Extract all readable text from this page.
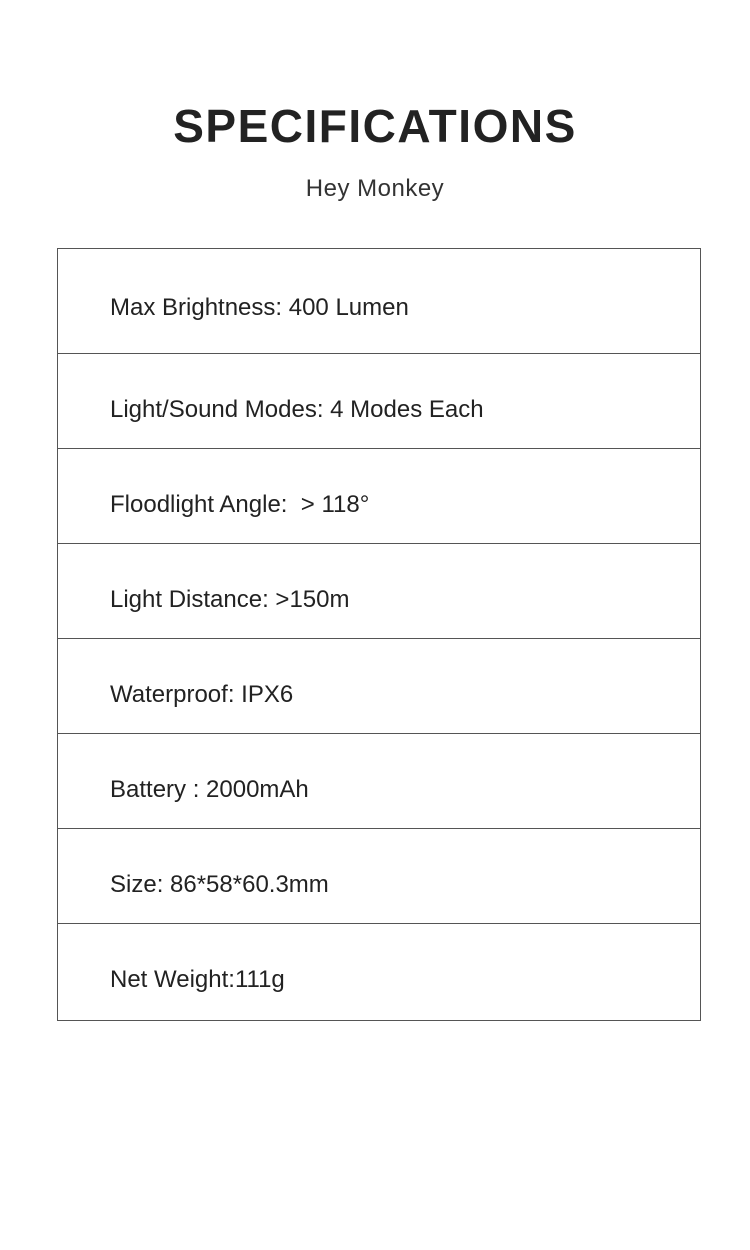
SPECIFICATIONS
Hey Monkey
Max Brightness: 400 Lumen
Light/Sound Modes: 4 Modes Each
Floodlight Angle:  > 118°
Light Distance: >150m
Waterproof: IPX6
Battery : 2000mAh
Size: 86*58*60.3mm
Net Weight:111g
